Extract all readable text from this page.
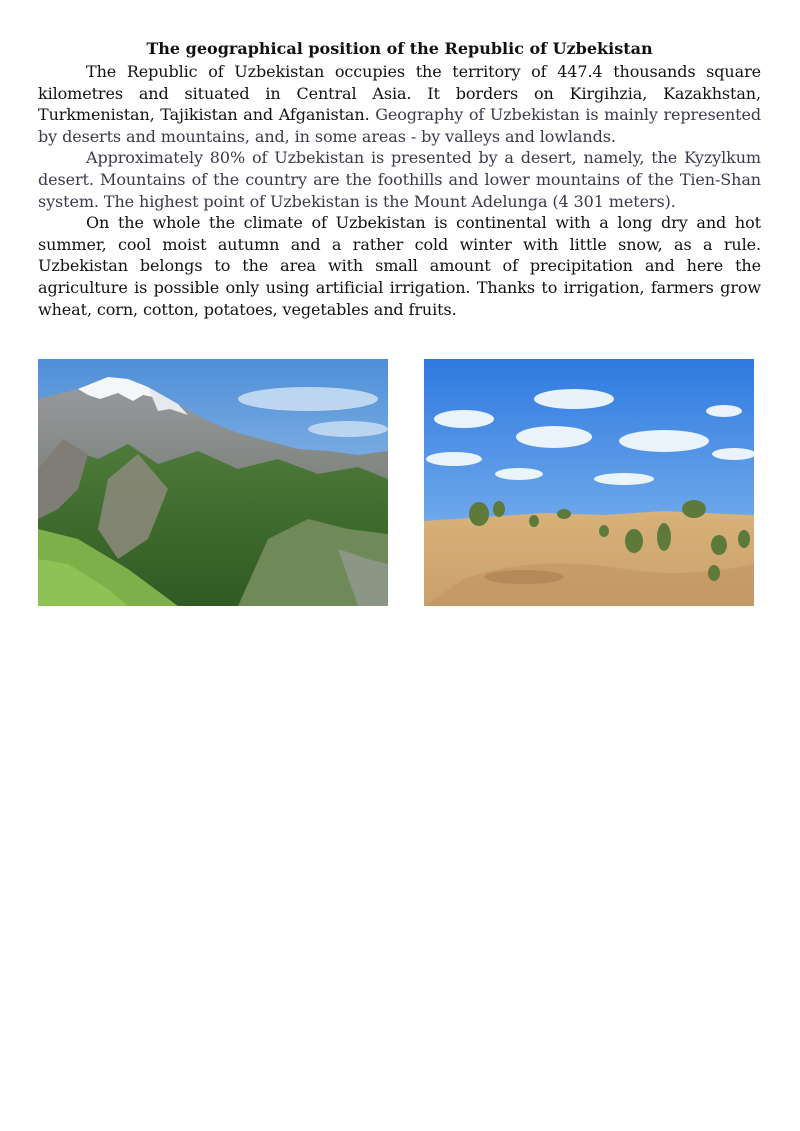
The geographical position of the Republic of Uzbekistan

The Republic of Uzbekistan occupies the territory of 447.4 thousands square kilometres and situated in Central Asia. It borders on Kirgihzia, Kazakhstan, Turkmenistan, Tajikistan and Afganistan. Geography of Uzbekistan is mainly represented by deserts and mountains, and, in some areas - by valleys and lowlands.

Approximately 80% of Uzbekistan is presented by a desert, namely, the Kyzylkum desert. Mountains of the country are the foothills and lower mountains of the Tien-Shan system. The highest point of Uzbekistan is the Mount Adelunga (4 301 meters).

On the whole the climate of Uzbekistan is continental with a long dry and hot summer, cool moist autumn and a rather cold winter with little snow, as a rule. Uzbekistan belongs to the area with small amount of precipitation and here the agriculture is possible only using artificial irrigation. Thanks to irrigation, farmers grow wheat, corn, cotton, potatoes, vegetables and fruits.
